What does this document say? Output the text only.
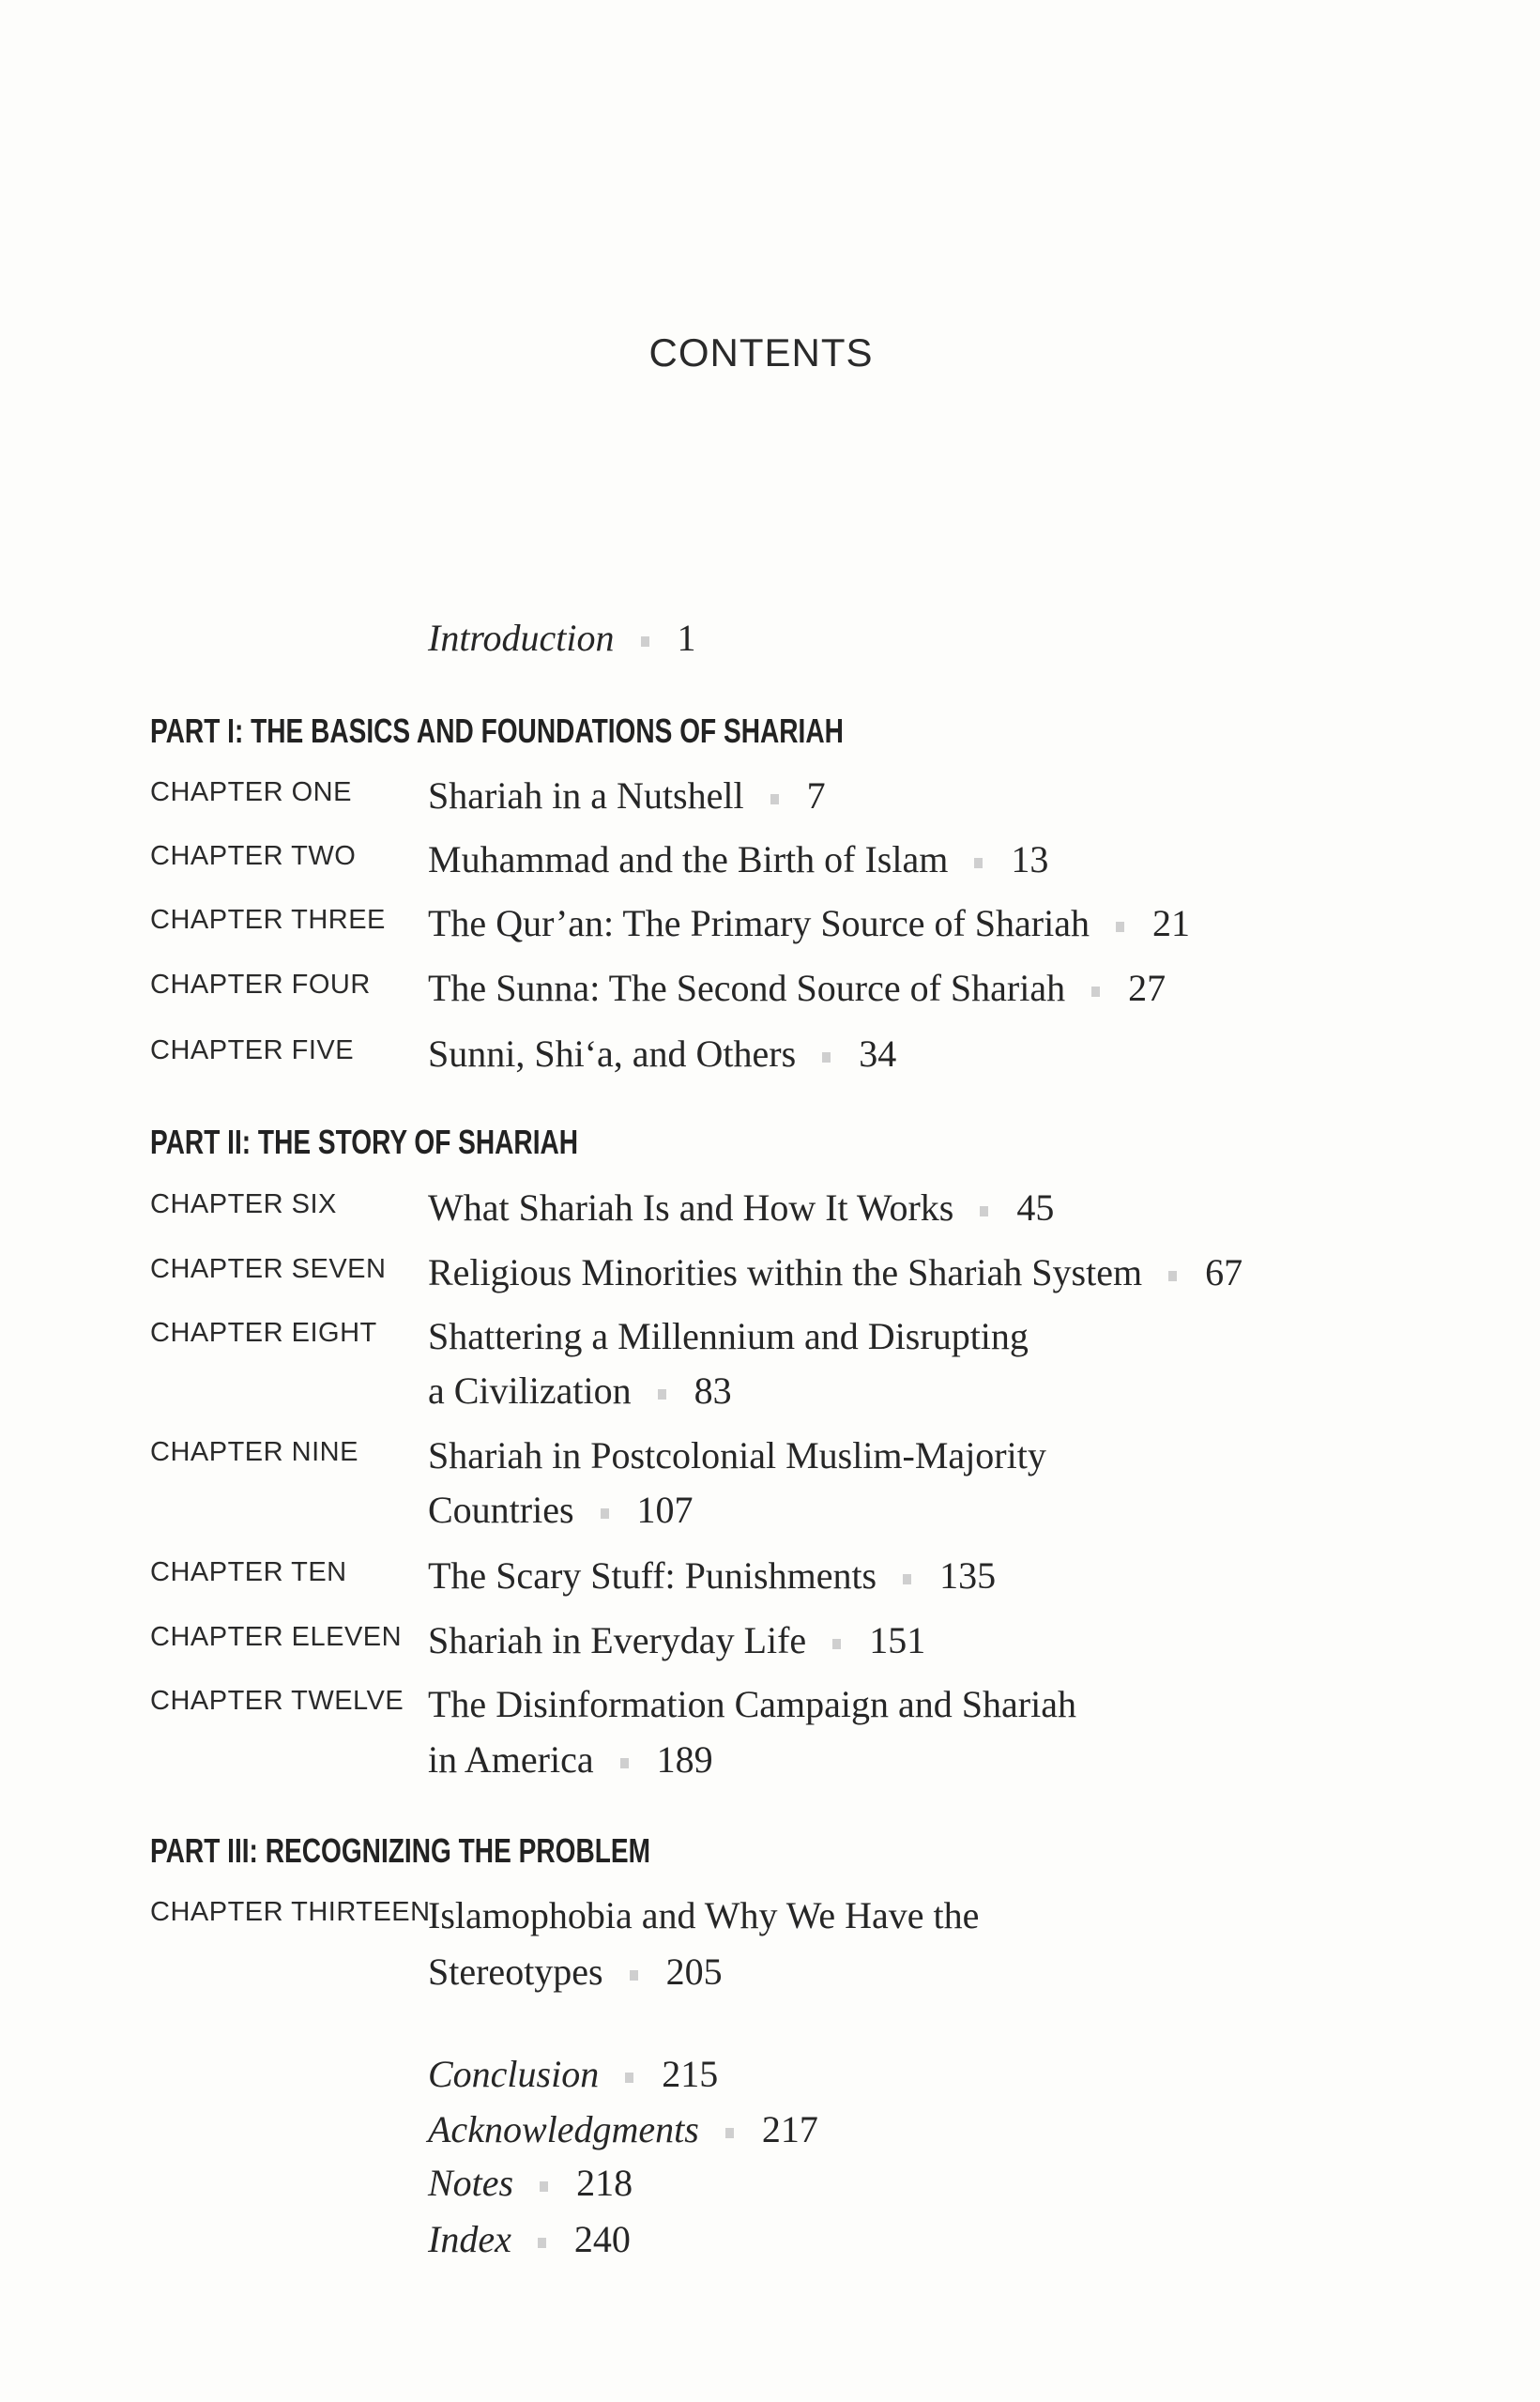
CONTENTS
Introduction 1
PART I: THE BASICS AND FOUNDATIONS OF SHARIAH
CHAPTER ONE Shariah in a Nutshell 7
CHAPTER TWO Muhammad and the Birth of Islam 13
CHAPTER THREE The Qur’an: The Primary Source of Shariah 21
CHAPTER FOUR The Sunna: The Second Source of Shariah 27
CHAPTER FIVE Sunni, Shi‘a, and Others 34
PART II: THE STORY OF SHARIAH
CHAPTER SIX What Shariah Is and How It Works 45
CHAPTER SEVEN Religious Minorities within the Shariah System 67
CHAPTER EIGHT Shattering a Millennium and Disrupting
a Civilization 83
CHAPTER NINE Shariah in Postcolonial Muslim-Majority
Countries 107
CHAPTER TEN The Scary Stuff: Punishments 135
CHAPTER ELEVEN Shariah in Everyday Life 151
CHAPTER TWELVE The Disinformation Campaign and Shariah
in America 189
PART III: RECOGNIZING THE PROBLEM
CHAPTER THIRTEEN
Islamophobia and Why We Have the
Stereotypes 205
Conclusion 215
Acknowledgments 217
Notes 218
Index 240
